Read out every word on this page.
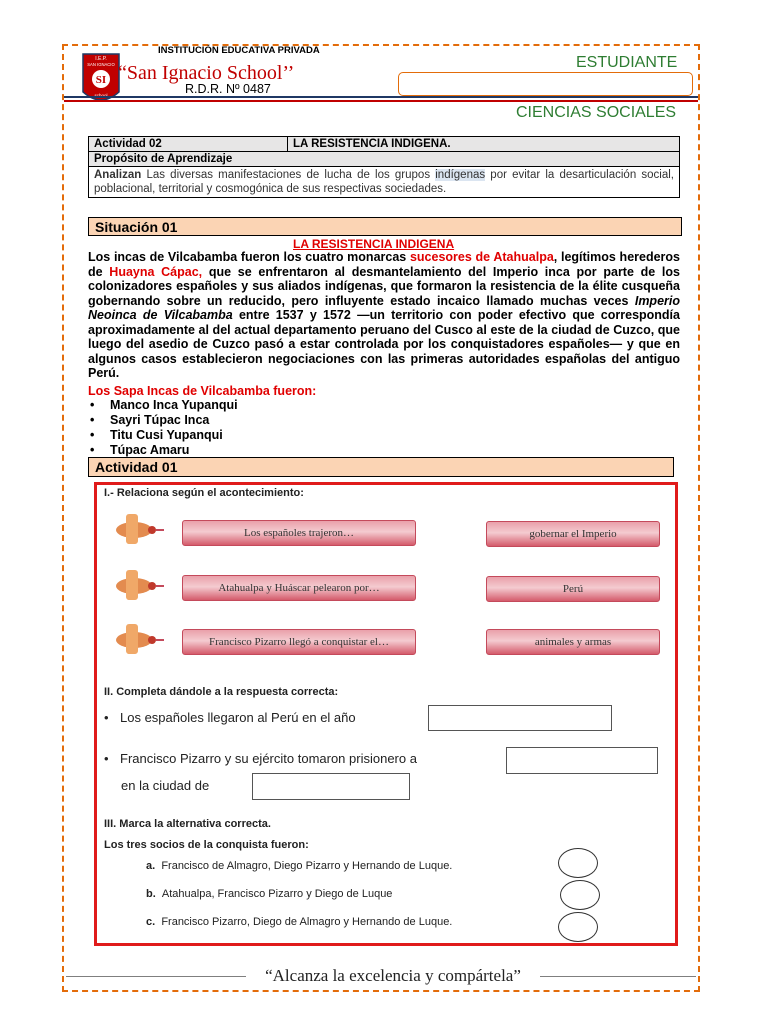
“Alcanza la excelencia y compártela”
I.E.P.
SAN IGNACIO
SI
school
INSTITUCIÓN EDUCATIVA PRIVADA
“San Ignacio School’’
R.D.R. Nº 0487
ESTUDIANTE
CIENCIAS SOCIALES
Actividad 02	LA RESISTENCIA INDIGENA.
Propósito de Aprendizaje
Analizan Las diversas manifestaciones de lucha de los grupos indígenas por evitar la desarticulación social, poblacional, territorial y cosmogónica de sus respectivas sociedades.
Situación 01
LA RESISTENCIA INDIGENA
Los incas de Vilcabamba fueron los cuatro monarcas sucesores de Atahualpa, legítimos herederos de Huayna Cápac, que se enfrentaron al desmantelamiento del Imperio inca por parte de los colonizadores españoles y sus aliados indígenas, que formaron la resistencia de la élite cusqueña gobernando sobre un reducido, pero influyente estado incaico llamado muchas veces Imperio Neoinca de Vilcabamba entre 1537 y 1572 —un territorio con poder efectivo que correspondía aproximadamente al del actual departamento peruano del Cusco al este de la ciudad de Cuzco, que luego del asedio de Cuzco pasó a estar controlada por los conquistadores españoles— y que en algunos casos establecieron negociaciones con las primeras autoridades españolas del antiguo Perú.
Los Sapa Incas de Vilcabamba fueron:
• Manco Inca Yupanqui
• Sayri Túpac Inca
• Titu Cusi Yupanqui
• Túpac Amaru
Actividad 01
I.- Relaciona según el acontecimiento:
Los españoles trajeron…
Atahualpa y Huáscar pelearon por…
Francisco Pizarro llegó a conquistar el…
gobernar el Imperio
Perú
animales y armas
II. Completa dándole a la respuesta correcta:
• Los españoles llegaron al Perú en el año
• Francisco Pizarro y su ejército tomaron prisionero a
en la ciudad de
III. Marca la alternativa correcta.
Los tres socios de la conquista fueron:
a. Francisco de Almagro, Diego Pizarro y Hernando de Luque.
b. Atahualpa, Francisco Pizarro y Diego de Luque
c. Francisco Pizarro, Diego de Almagro y Hernando de Luque.
